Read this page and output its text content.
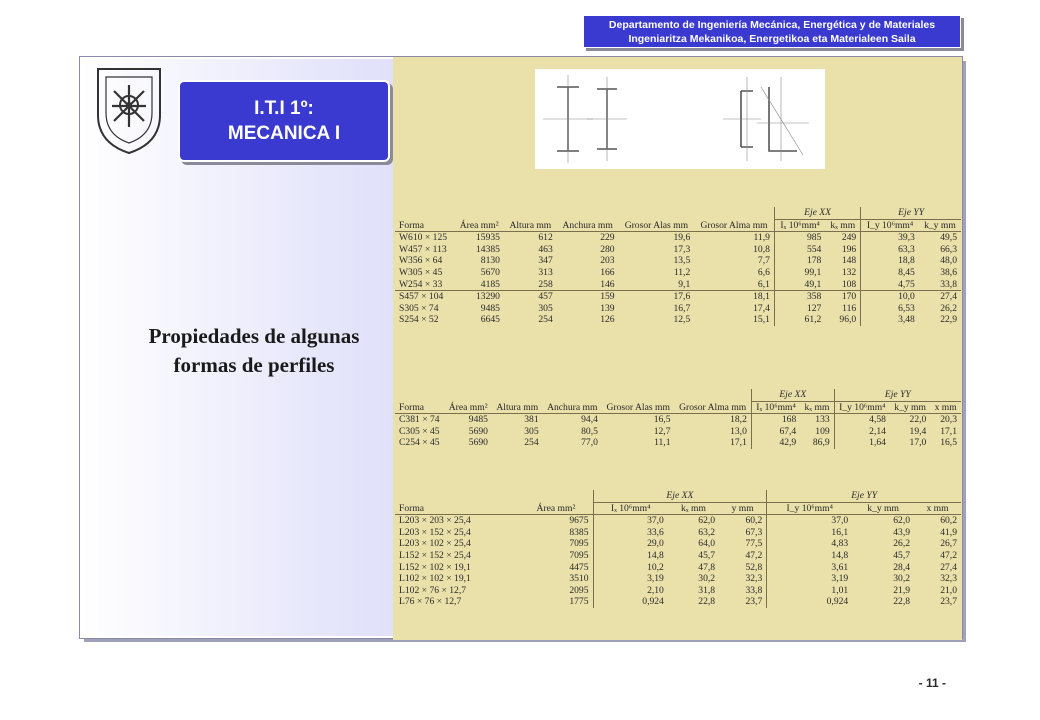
Departamento de Ingeniería Mecánica, Energética y de Materiales
Ingeniaritza Mekanikoa, Energetikoa eta Materialeen Saila
I.T.I 1º:
MECANICA I
Propiedades de algunas
formas de perfiles
						Eje XX		Eje YY	
Forma	Área mm²	Altura mm	Anchura mm	Grosor Alas mm	Grosor Alma mm	Iₓ 10⁶mm⁴	kₓ mm	I_y 10⁶mm⁴	k_y mm
W610 × 125	15935	612	229	19,6	11,9	985	249	39,3	49,5
W457 × 113	14385	463	280	17,3	10,8	554	196	63,3	66,3
W356 × 64	8130	347	203	13,5	7,7	178	148	18,8	48,0
W305 × 45	5670	313	166	11,2	6,6	99,1	132	8,45	38,6
W254 × 33	4185	258	146	9,1	6,1	49,1	108	4,75	33,8
S457 × 104	13290	457	159	17,6	18,1	358	170	10,0	27,4
S305 × 74	9485	305	139	16,7	17,4	127	116	6,53	26,2
S254 × 52	6645	254	126	12,5	15,1	61,2	96,0	3,48	22,9
						Eje XX		Eje YY		
Forma	Área mm²	Altura mm	Anchura mm	Grosor Alas mm	Grosor Alma mm	Iₓ 10⁶mm⁴	kₓ mm	I_y 10⁶mm⁴	k_y mm	x mm
C381 × 74	9485	381	94,4	16,5	18,2	168	133	4,58	22,0	20,3
C305 × 45	5690	305	80,5	12,7	13,0	67,4	109	2,14	19,4	17,1
C254 × 45	5690	254	77,0	11,1	17,1	42,9	86,9	1,64	17,0	16,5
		Eje XX			Eje YY		
Forma	Área mm²	Iₓ 10⁶mm⁴	kₓ mm	y mm	I_y 10⁶mm⁴	k_y mm	x mm
L203 × 203 × 25,4	9675	37,0	62,0	60,2	37,0	62,0	60,2
L203 × 152 × 25,4	8385	33,6	63,2	67,3	16,1	43,9	41,9
L203 × 102 × 25,4	7095	29,0	64,0	77,5	4,83	26,2	26,7
L152 × 152 × 25,4	7095	14,8	45,7	47,2	14,8	45,7	47,2
L152 × 102 × 19,1	4475	10,2	47,8	52,8	3,61	28,4	27,4
L102 × 102 × 19,1	3510	3,19	30,2	32,3	3,19	30,2	32,3
L102 × 76 × 12,7	2095	2,10	31,8	33,8	1,01	21,9	21,0
L76 × 76 × 12,7	1775	0,924	22,8	23,7	0,924	22,8	23,7
- 11 -
